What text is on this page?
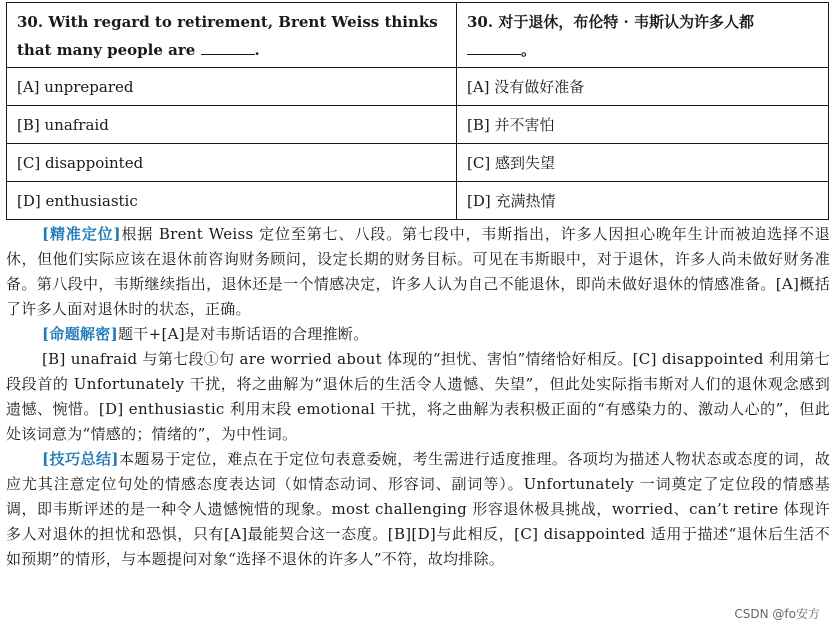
30. With regard to retirement, Brent Weiss thinks that many people are .	30. 对于退休，布伦特 · 韦斯认为许多人都
。
[A] unprepared	[A] 没有做好准备
[B] unafraid	[B] 并不害怕
[C] disappointed	[C] 感到失望
[D] enthusiastic	[D] 充满热情

[精准定位]根据 Brent Weiss 定位至第七、八段。第七段中，韦斯指出，许多人因担心晚年生计而被迫选择不退休，但他们实际应该在退休前咨询财务顾问，设定长期的财务目标。可见在韦斯眼中，对于退休，许多人尚未做好财务准备。第八段中，韦斯继续指出，退休还是一个情感决定，许多人认为自己不能退休，即尚未做好退休的情感准备。[A]概括了许多人面对退休时的状态，正确。

[命题解密]题干+[A]是对韦斯话语的合理推断。

[B] unafraid 与第七段①句 are worried about 体现的“担忧、害怕”情绪恰好相反。[C] disappointed 利用第七段段首的 Unfortunately 干扰，将之曲解为“退休后的生活令人遗憾、失望”，但此处实际指韦斯对人们的退休观念感到遗憾、惋惜。[D] enthusiastic 利用末段 emotional 干扰，将之曲解为表积极正面的“有感染力的、激动人心的”，但此处该词意为“情感的；情绪的”，为中性词。

[技巧总结]本题易于定位，难点在于定位句表意委婉，考生需进行适度推理。各项均为描述人物状态或态度的词，故应尤其注意定位句处的情感态度表达词（如情态动词、形容词、副词等）。Unfortunately 一词奠定了定位段的情感基调，即韦斯评述的是一种令人遗憾惋惜的现象。most challenging 形容退休极具挑战，worried、can’t retire 体现许多人对退休的担忧和恐惧，只有[A]最能契合这一态度。[B][D]与此相反，[C] disappointed 适用于描述“退休后生活不如预期”的情形，与本题提问对象“选择不退休的许多人”不符，故均排除。

CSDN @fo安方
